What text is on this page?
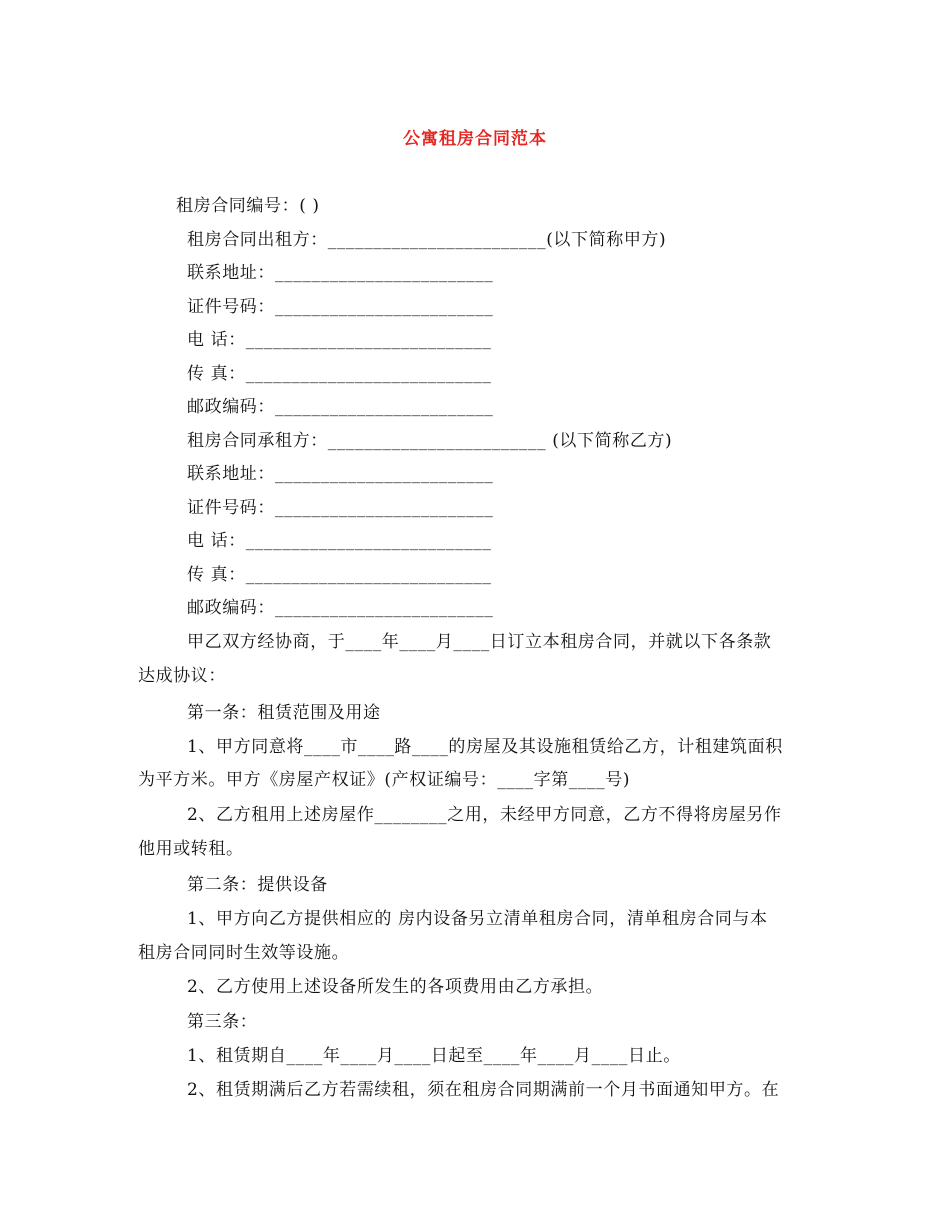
公寓租房合同范本
租房合同编号：( )
租房合同出租方：________________________(以下简称甲方)
联系地址：________________________
证件号码：________________________
电 话：___________________________
传 真：___________________________
邮政编码：________________________
租房合同承租方：________________________ (以下简称乙方)
联系地址：________________________
证件号码：________________________
电 话：___________________________
传 真：___________________________
邮政编码：________________________
甲乙双方经协商，于____年____月____日订立本租房合同，并就以下各条款
达成协议：
第一条：租赁范围及用途
1、甲方同意将____市____路____的房屋及其设施租赁给乙方，计租建筑面积
为平方米。甲方《房屋产权证》(产权证编号：____字第____号)
2、乙方租用上述房屋作________之用，未经甲方同意，乙方不得将房屋另作
他用或转租。
第二条：提供设备
1、甲方向乙方提供相应的 房内设备另立清单租房合同，清单租房合同与本
租房合同同时生效等设施。
2、乙方使用上述设备所发生的各项费用由乙方承担。
第三条：
1、租赁期自____年____月____日起至____年____月____日止。
2、租赁期满后乙方若需续租，须在租房合同期满前一个月书面通知甲方。在
